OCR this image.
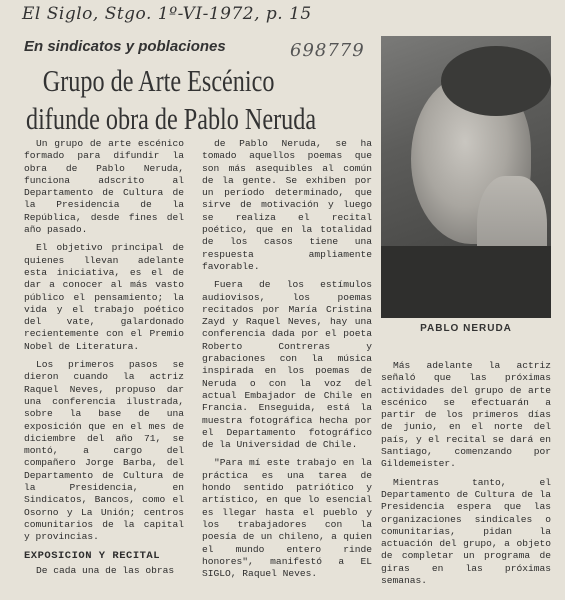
El Siglo, Stgo. 1º-VI-1972, p. 15
698779
En sindicatos y poblaciones
Grupo de Arte Escénico
difunde obra de Pablo Neruda
PABLO NERUDA

Un grupo de arte escénico formado para difundir la obra de Pablo Neruda, funciona adscrito al Departamento de Cultura de la Presidencia de la República, desde fines del año pasado.

El objetivo principal de quienes llevan adelante esta iniciativa, es el de dar a conocer al más vasto público el pensamiento; la vida y el trabajo poético del vate, galardonado recientemente con el Premio Nobel de Literatura.

Los primeros pasos se dieron cuando la actriz Raquel Neves, propuso dar una conferencia ilustrada, sobre la base de una exposición que en el mes de diciembre del año 71, se montó, a cargo del compañero Jorge Barba, del Departamento de Cultura de la Presidencia, en Sindicatos, Bancos, como el Osorno y La Unión; centros comunitarios de la capital y provincias.

EXPOSICION Y RECITAL

De cada una de las obras

de Pablo Neruda, se ha tomado aquellos poemas que son más asequibles al común de la gente. Se exhiben por un período determinado, que sirve de motivación y luego se realiza el recital poético, que en la totalidad de los casos tiene una respuesta ampliamente favorable.

Fuera de los estímulos audiovisos, los poemas recitados por María Cristina Zayd y Raquel Neves, hay una conferencia dada por el poeta Roberto Contreras y grabaciones con la música inspirada en los poemas de Neruda o con la voz del actual Embajador de Chile en Francia. Enseguida, está la muestra fotográfica hecha por el Departamento fotográfico de la Universidad de Chile.

"Para mí este trabajo en la práctica es una tarea de hondo sentido patriótico y artístico, en que lo esencial es llegar hasta el pueblo y los trabajadores con la poesía de un chileno, a quien el mundo entero rinde honores", manifestó a EL SIGLO, Raquel Neves.

Más adelante la actriz señaló que las próximas actividades del grupo de arte escénico se efectuarán a partir de los primeros días de junio, en el norte del país, y el recital se dará en Santiago, comenzando por Gildemeister.

Mientras tanto, el Departamento de Cultura de la Presidencia espera que las organizaciones sindicales o comunitarias, pidan la actuación del grupo, a objeto de completar un programa de giras en las próximas semanas.
